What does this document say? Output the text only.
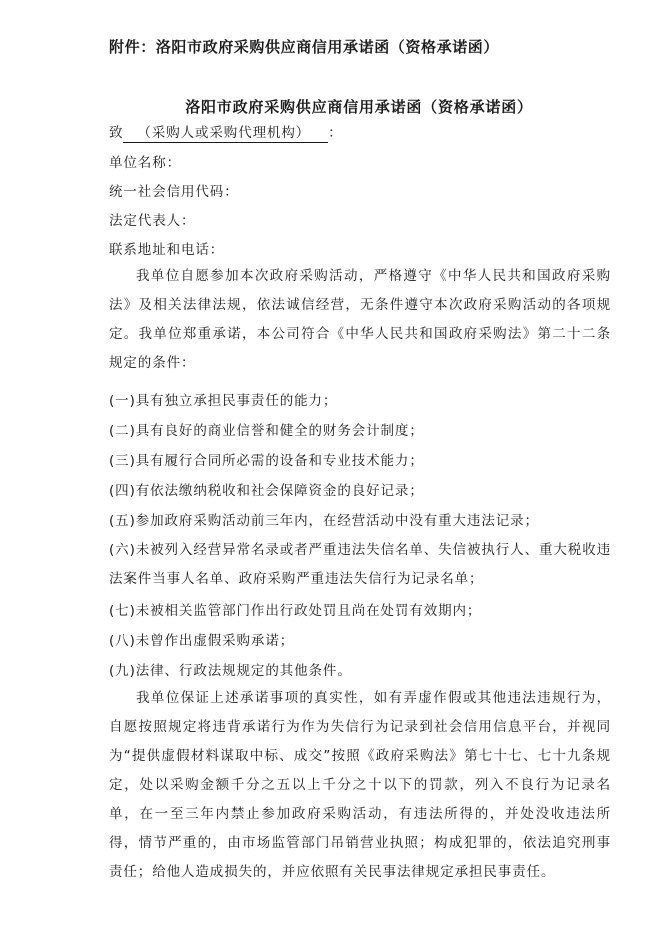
附件：洛阳市政府采购供应商信用承诺函（资格承诺函）
洛阳市政府采购供应商信用承诺函（资格承诺函）
致 （采购人或采购代理机构） ：
单位名称：
统一社会信用代码：
法定代表人：
联系地址和电话：

我单位自愿参加本次政府采购活动，严格遵守《中华人民共和国政府采购法》及相关法律法规，依法诚信经营，无条件遵守本次政府采购活动的各项规定。我单位郑重承诺，本公司符合《中华人民共和国政府采购法》第二十二条规定的条件：

(一)具有独立承担民事责任的能力；
(二)具有良好的商业信誉和健全的财务会计制度；
(三)具有履行合同所必需的设备和专业技术能力；
(四)有依法缴纳税收和社会保障资金的良好记录；
(五)参加政府采购活动前三年内，在经营活动中没有重大违法记录；

(六)未被列入经营异常名录或者严重违法失信名单、失信被执行人、重大税收违法案件当事人名单、政府采购严重违法失信行为记录名单；

(七)未被相关监管部门作出行政处罚且尚在处罚有效期内；
(八)未曾作出虚假采购承诺；
(九)法律、行政法规规定的其他条件。

我单位保证上述承诺事项的真实性，如有弄虚作假或其他违法违规行为，自愿按照规定将违背承诺行为作为失信行为记录到社会信用信息平台，并视同为“提供虚假材料谋取中标、成交”按照《政府采购法》第七十七、七十九条规定，处以采购金额千分之五以上千分之十以下的罚款，列入不良行为记录名单，在一至三年内禁止参加政府采购活动，有违法所得的，并处没收违法所得，情节严重的，由市场监管部门吊销营业执照；构成犯罪的，依法追究刑事责任；给他人造成损失的，并应依照有关民事法律规定承担民事责任。
